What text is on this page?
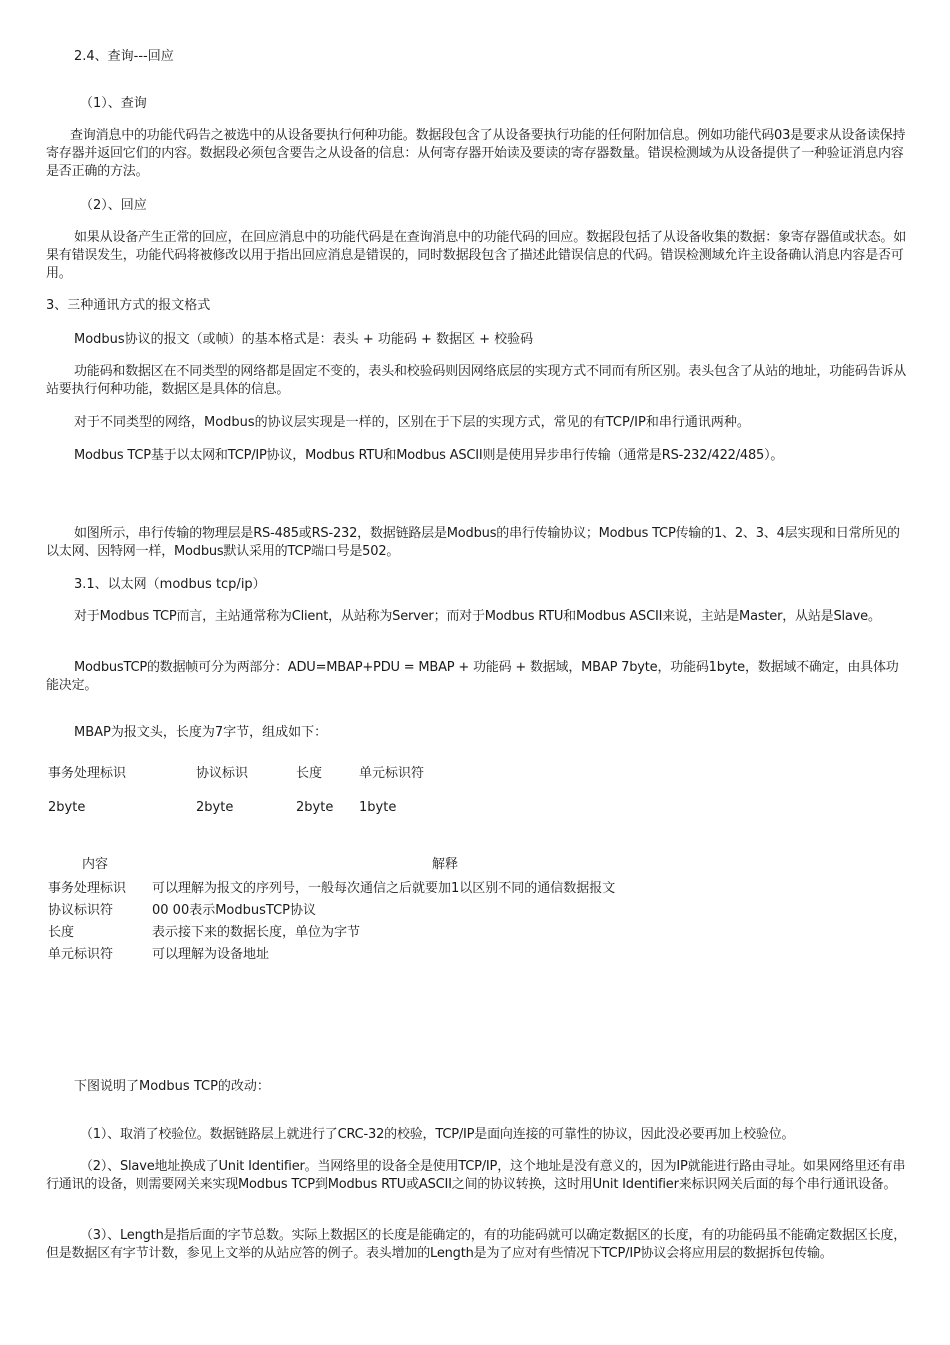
2.4、查询---回应

（1）、查询

查询消息中的功能代码告之被选中的从设备要执行何种功能。数据段包含了从设备要执行功能的任何附加信息。例如功能代码03是要求从设备读保持寄存器并返回它们的内容。数据段必须包含要告之从设备的信息：从何寄存器开始读及要读的寄存器数量。错误检测域为从设备提供了一种验证消息内容是否正确的方法。

（2）、回应

如果从设备产生正常的回应，在回应消息中的功能代码是在查询消息中的功能代码的回应。数据段包括了从设备收集的数据：象寄存器值或状态。如果有错误发生，功能代码将被修改以用于指出回应消息是错误的，同时数据段包含了描述此错误信息的代码。错误检测域允许主设备确认消息内容是否可用。

3、三种通讯方式的报文格式

Modbus协议的报文（或帧）的基本格式是：表头 + 功能码 + 数据区 + 校验码

功能码和数据区在不同类型的网络都是固定不变的，表头和校验码则因网络底层的实现方式不同而有所区别。表头包含了从站的地址，功能码告诉从站要执行何种功能，数据区是具体的信息。

对于不同类型的网络，Modbus的协议层实现是一样的，区别在于下层的实现方式，常见的有TCP/IP和串行通讯两种。

Modbus TCP基于以太网和TCP/IP协议，Modbus RTU和Modbus ASCII则是使用异步串行传输（通常是RS-232/422/485）。

如图所示，串行传输的物理层是RS-485或RS-232，数据链路层是Modbus的串行传输协议；Modbus TCP传输的1、2、3、4层实现和日常所见的以太网、因特网一样，Modbus默认采用的TCP端口号是502。

3.1、以太网（modbus tcp/ip）

对于Modbus TCP而言，主站通常称为Client，从站称为Server；而对于Modbus RTU和Modbus ASCII来说，主站是Master，从站是Slave。

ModbusTCP的数据帧可分为两部分：ADU=MBAP+PDU = MBAP + 功能码 + 数据域，MBAP 7byte，功能码1byte，数据域不确定，由具体功能决定。

MBAP为报文头，长度为7字节，组成如下：

事务处理标识	协议标识	长度	单元标识符
2byte	2byte	2byte 1byte
内容	解释
事务处理标识 可以理解为报文的序列号，一般每次通信之后就要加1以区别不同的通信数据报文
协议标识符	00 00表示ModbusTCP协议
长度	表示接下来的数据长度，单位为字节
单元标识符	可以理解为设备地址

下图说明了Modbus TCP的改动：

（1）、取消了校验位。数据链路层上就进行了CRC-32的校验，TCP/IP是面向连接的可靠性的协议，因此没必要再加上校验位。

（2）、Slave地址换成了Unit Identifier。当网络里的设备全是使用TCP/IP，这个地址是没有意义的，因为IP就能进行路由寻址。如果网络里还有串行通讯的设备，则需要网关来实现Modbus TCP到Modbus RTU或ASCII之间的协议转换，这时用Unit Identifier来标识网关后面的每个串行通讯设备。

（3）、Length是指后面的字节总数。实际上数据区的长度是能确定的，有的功能码就可以确定数据区的长度，有的功能码虽不能确定数据区长度，但是数据区有字节计数，参见上文举的从站应答的例子。表头增加的Length是为了应对有些情况下TCP/IP协议会将应用层的数据拆包传输。
